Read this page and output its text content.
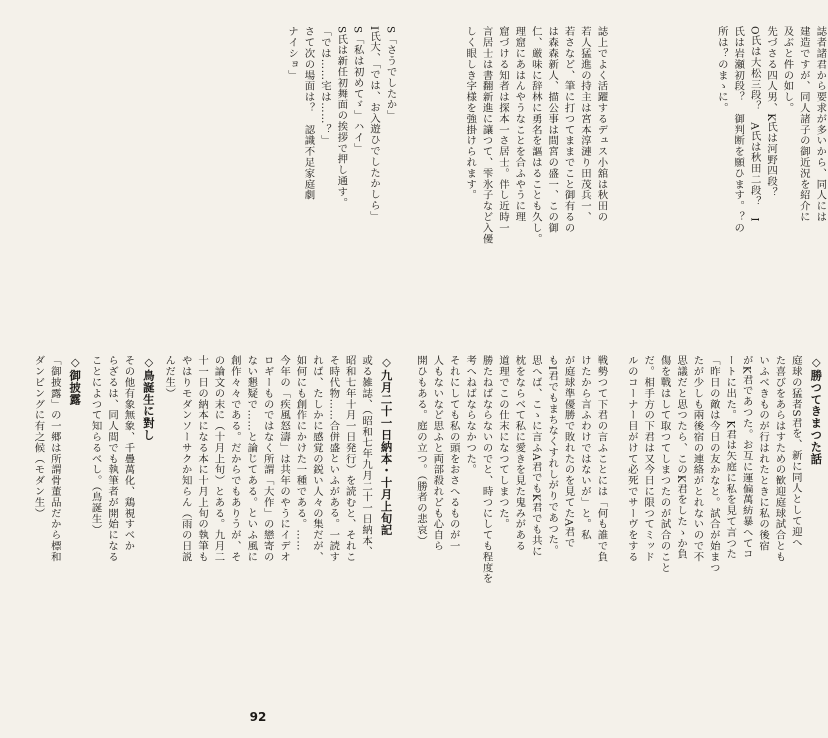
誌者諸君から要求が多いから、同人には
建造ですが、同人諸子の御近況を紹介に
及ぶと件の如し。
先づさる四人男、K氏は河野四段？
O氏は大松三段？　A氏は秋田二段？　I
氏は岩瀬初段？　御判断を願ひます。？の
所は？のまゝに。
誌上でよく活躍するデュス小舘は秋田の
若人猛進の持主は宮本淳漣り田茂兵一、
若さなど、筆に打つてままでこと御有るの
は森森新人、描公事は間宮の盛一、この御
仁、厳味に辞林に勇名を謳はることも久し。
理窟にあはんやうなことを合ふやうに理
窟づける知者は探本一さ居士。伴し近時一
言居士は書翻新進に讓つて、雫氷子など入優
しく眼しき字様を強掛けられます。
S「さうでしたか」
I氏大、「では、お入遊ひでしたかしら」
S「私は初めてゞ」ハイ」
S氏は新任初舞面の挨拶で押し通す。
「では……宅は……？」
さて次の場面は？　認識不足家庭劇
ナイショ」
◇勝つてきまつた話
庭球の猛者S君を、新に同人として迎へ
た喜びをあらはすための歓迎庭球試合とも
いふべきものが行はれたときに私の後宿
がK君であつた。お互に運偏萬紡暴へてコ
ートに出た。K君は矢庭に私を見て言つた
「昨日の敵は今日の友かなと。試合が始まつ
たが少しも兩後宿の連絡がとれないので不
思議だと思つたら、このK君をしたゝか負
傷を戰はして取つてしまつたのが試合のこと
だ。相手方の下君は又今日に限つてミッド
ルのコーナー目がけて必死でサーヴをする
戦勢つて下君の言ふことには「何も誰で負
けたから言ふわけではないが」と。私
が庭球準優勝で敗れたのを見てたA君で
もI君でもまちなくすれしがりであつた。
思へば、こゝに言ふA君でもK君でも共に
枕をならべて私に愛きを見た鬼みがある
道理でこの仕末になつてしまつた。
勝たねばならないのでと、時つにしても程度を
考へねばならなかつた。
それにしても私の頭をおさへるものが一
人もないなど思ふと両部殺れども心自ら
開ひもある。庭の立つ。（勝者の悲哀）
◇九月二十一日納本・十月上旬記
或る雑誌、（昭和七年九月二十一日納本、
昭和七年十月一日発行）を読むと、それこ
そ時代物……合併盛といふがある。一読す
れば、たしかに感覚の鋭い人々の集だが、
如何にも創作にかけた一種である。……
今年の「疾風怒濤」は共年のやうにイデオ
ロギーものではなく所謂「大作」の戀寄の
ない懇疑で……と論じてある。といふ風に
創作々々である。だからでもありうが、そ
の論文の末に（十月上旬）とある。九月二
十一日の納本になる本に十月上旬の執筆も
やはりモダンソーサクか知らん（雨の日説
んだ生）
◇鳥誕生に對し
その他有象無象、千疊萬化、鶏視すべか
らざるは、同人間でも執筆者が開始になる
ことによつて知らるべし。（鳥誕生）
◇御披露
「御披露」の一郷は所謂骨董品だから標和
ダンビングに有之候（モダン生）
92
